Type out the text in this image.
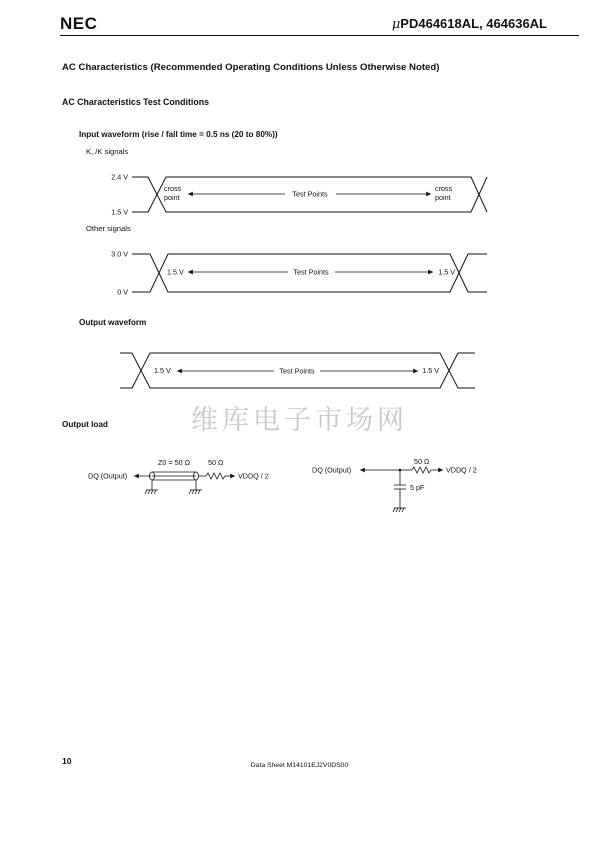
NEC	μPD464618AL, 464636AL
AC Characteristics (Recommended Operating Conditions Unless Otherwise Noted)
AC Characteristics Test Conditions
Input waveform (rise / fall time = 0.5 ns (20 to 80%))
K, /K signals
Other signals
Output waveform
维库电子市场网
Output load
2.4 V
1.5 V
cross
point
cross
point
Test Points
3.0 V
0 V
1.5 V	1.5 V
Test Points
1.5 V	1.5 V
Test Points
DQ (Output)
Z0 = 50 Ω	50 Ω
VDDQ / 2
DQ (Output)
50 Ω
VDDQ / 2
5 pF
10	Data Sheet M14101EJ2V0DS00
